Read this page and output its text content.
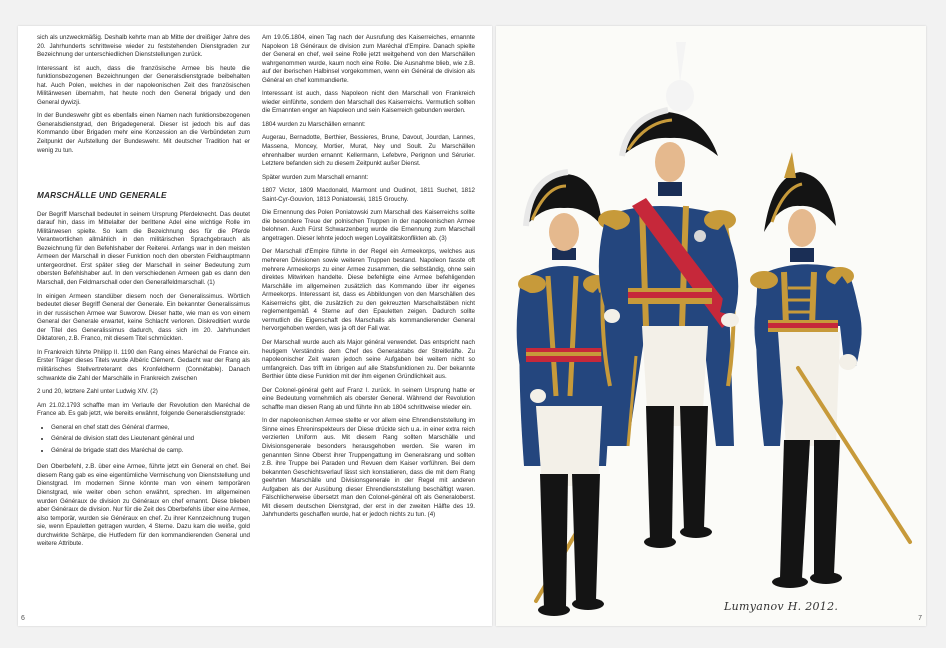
sich als unzweckmäßig. Deshalb kehrte man ab Mitte der dreißiger Jahre des 20. Jahrhunderts schrittweise wieder zu feststehenden Dienstgraden zur Bezeichnung der unterschiedlichen Dienststellungen zurück.

Interessant ist auch, dass die französische Armee bis heute die funktionsbezogenen Bezeichnungen der Generalsdienstgrade beibehalten hat. Auch Polen, welches in der napoleonischen Zeit des französischen Militärwesen übernahm, hat heute noch den General brigady und den General dywizji.

In der Bundeswehr gibt es ebenfalls einen Namen nach funktionsbezogenen Generalsdienstgrad, den Brigadegeneral. Dieser ist jedoch bis auf das Kommando über Brigaden mehr eine Konzession an die Verbündeten zum Zeitpunkt der Aufstellung der Bundeswehr. Mit deutscher Tradition hat er wenig zu tun.

MARSCHÄLLE UND GENERALE

Der Begriff Marschall bedeutet in seinem Ursprung Pferdeknecht. Das deutet darauf hin, dass im Mittelalter der berittene Adel eine wichtige Rolle im Militärwesen spielte. So kam die Bezeichnung des für die Pferde Verantwortlichen allmählich in den militärischen Sprachgebrauch als Bezeichnung für den Befehlshaber der Reiterei. Anfangs war in den meisten Armeen der Marschall in dieser Funktion noch den obersten Feldhauptmann untergeordnet. Erst später stieg der Marschall in seiner Bedeutung zum obersten Befehlshaber auf. In den verschiedenen Armeen gab es dann den Marschall, den Feldmarschall oder den Generalfeldmarschall. (1)

In einigen Armeen standüber diesem noch der Generalissimus. Wörtlich bedeutet dieser Begriff General der Generale. Ein bekannter Generalissimus in der russischen Armee war Suworow. Dieser hatte, wie man es von einem General der Generale erwartet, keine Schlacht verloren. Diskreditiert wurde der Titel des Generalissimus dadurch, dass sich im 20. Jahrhundert Diktatoren, z.B. Franco, mit diesem Titel schmückten.

In Frankreich führte Philipp II. 1190 den Rang eines Maréchal de France ein. Erster Träger dieses Titels wurde Albéric Clément. Gedacht war der Rang als militärisches Stellvertreteramt des Kronfeldherrn (Connétable). Danach schwankte die Zahl der Marschälle in Frankreich zwischen

2 und 20, letztere Zahl unter Ludwig XIV. (2)

Am 21.02.1793 schaffte man im Verlaufe der Revolution den Maréchal de France ab. Es gab jetzt, wie bereits erwähnt, folgende Generalsdienstgrade:

• General en chef statt des Général d'armee,
• Général de division statt des Lieutenant général und
• Général de brigade statt des Maréchal de camp.

Den Oberbefehl, z.B. über eine Armee, führte jetzt ein General en chef. Bei diesem Rang gab es eine eigentümliche Vermischung von Dienststellung und Dienstgrad. Im modernen Sinne könnte man von einem temporären Dienstgrad, wie weiter oben schon erwähnt, sprechen. Im allgemeinen wurden Généraux de division zu Généraux en chef ernannt. Diese blieben aber Généraux de division. Nur für die Zeit des Oberbefehls über eine Armee, also temporär, wurden sie Généraux en chef. Zu ihrer Kennzeichnung trugen sie, wenn Epauletten getragen wurden, 4 Sterne. Dazu kam die weiße, gold durchwirkte Schärpe, die Hutfedern für den kommandierenden General und weitere Attribute.

Am 19.05.1804, einen Tag nach der Ausrufung des Kaiserreiches, ernannte Napoleon 18 Généraux de division zum Maréchal d'Empire. Danach spielte der General en chef, weil seine Rolle jetzt weitgehend von den Marschällen wahrgenommen wurde, kaum noch eine Rolle. Die Ausnahme blieb, wie z.B. auf der iberischen Halbinsel vorgekommen, wenn ein Général de division als Général en chef kommandierte.

Interessant ist auch, dass Napoleon nicht den Marschall von Frankreich wieder einführte, sondern den Marschall des Kaiserreichs. Vermutlich sollten die Ernannten enger an Napoleon und sein Kaiserreich gebunden werden.

1804 wurden zu Marschällen ernannt:

Augerau, Bernadotte, Berthier, Bessieres, Brune, Davout, Jourdan, Lannes, Massena, Moncey, Mortier, Murat, Ney und Soult. Zu Marschällen ehrenhalber wurden ernannt: Kellermann, Lefebvre, Perignon und Sérurier. Letztere befanden sich zu diesem Zeitpunkt außer Dienst.

Später wurden zum Marschall ernannt:

1807 Victor, 1809 Macdonald, Marmont und Oudinot, 1811 Suchet, 1812 Saint-Cyr-Gouvion, 1813 Poniatowski, 1815 Grouchy.

Die Ernennung des Polen Poniatowski zum Marschall des Kaiserreichs sollte die besondere Treue der polnischen Truppen in der napoleonischen Armee belohnen. Auch Fürst Schwarzenberg wurde die Ernennung zum Marschall angetragen. Dieser lehnte jedoch wegen Loyalitätskonflikten ab. (3)

Der Marschall d'Empire führte in der Regel ein Armeekorps, welches aus mehreren Divisionen sowie weiteren Truppen bestand. Napoleon fasste oft mehrere Armeekorps zu einer Armee zusammen, die selbständig, ohne sein direktes Mitwirken handelte. Diese befehligte eine Armee befehligenden Marschälle im allgemeinen zusätzlich das Kommando über ihr eigenes Armeekorps. Interessant ist, dass es Abbildungen von den Marschällen des Kaiserreichs gibt, die zusätzlich zu den gekreuzten Marschallstäben nicht reglementgemäß 4 Sterne auf den Epauletten zeigen. Dadurch sollte vermutlich die Eigenschaft des Marschalls als kommandierender General hervorgehoben werden, was ja oft der Fall war.

Der Marschall wurde auch als Major général verwendet. Das entspricht nach heutigem Verständnis dem Chef des Generalstabs der Streitkräfte. Zu napoleonischer Zeit waren jedoch seine Aufgaben bei weitem nicht so umfangreich. Das trifft im übrigen auf alle Stabsfunktionen zu. Der bekannte Berthier übte diese Funktion mit der ihm eigenen Gründlichkeit aus.

Der Colonel-général geht auf Franz I. zurück. In seinem Ursprung hatte er eine Bedeutung vornehmlich als oberster General. Während der Revolution schaffte man diesen Rang ab und führte ihn ab 1804 schrittweise wieder ein.

In der napoleonischen Armee stellte er vor allem eine Ehrendienststellung im Sinne eines Ehreninspekteurs der Diese drückte sich u.a. in einer extra reich verzierten Uniform aus. Mit diesem Rang sollten Marschälle und Divisionsgenerale besonders herausgehoben werden. Sie waren im genannten Sinne Oberst ihrer Truppengattung im Generalsrang und sollten z.B. ihre Truppe bei Paraden und Revuen dem Kaiser vorführen. Bei dem bekannten Geschichtsverlauf lässt sich konstatieren, dass die mit dem Rang geehrten Marschälle und Divisionsgenerale in der Regel mit anderen Aufgaben als der Ausübung dieser Ehrendienststellung beschäftigt waren. Fälschlicherweise übersetzt man den Colonel-général oft als Generaloberst. Mit diesem deutschen Dienstgrad, der erst in der zweiten Hälfte des 19. Jahrhunderts geschaffen wurde, hat er jedoch nichts zu tun. (4)

6
Lumyanov H. 2012.
7
